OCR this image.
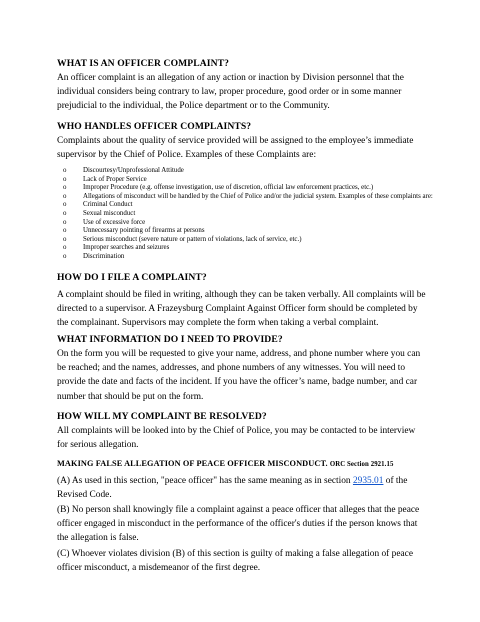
WHAT IS AN OFFICER COMPLAINT?
An officer complaint is an allegation of any action or inaction by Division personnel that the individual considers being contrary to law, proper procedure, good order or in some manner prejudicial to the individual, the Police department or to the Community.
WHO HANDLES OFFICER COMPLAINTS?
Complaints about the quality of service provided will be assigned to the employee’s immediate supervisor by the Chief of Police. Examples of these Complaints are:
o Discourtesy/Unprofessional Attitude
o Lack of Proper Service
o Improper Procedure (e.g. offense investigation, use of discretion, official law enforcement practices, etc.)
o Allegations of misconduct will be handled by the Chief of Police and/or the judicial system. Examples of these complaints are:
o Criminal Conduct
o Sexual misconduct
o Use of excessive force
o Unnecessary pointing of firearms at persons
o Serious misconduct (severe nature or pattern of violations, lack of service, etc.)
o Improper searches and seizures
o Discrimination
HOW DO I FILE A COMPLAINT?
A complaint should be filed in writing, although they can be taken verbally. All complaints will be directed to a supervisor. A Frazeysburg Complaint Against Officer form should be completed by the complainant. Supervisors may complete the form when taking a verbal complaint.
WHAT INFORMATION DO I NEED TO PROVIDE?
On the form you will be requested to give your name, address, and phone number where you can be reached; and the names, addresses, and phone numbers of any witnesses. You will need to provide the date and facts of the incident. If you have the officer’s name, badge number, and car number that should be put on the form.
HOW WILL MY COMPLAINT BE RESOLVED?
All complaints will be looked into by the Chief of Police, you may be contacted to be interview for serious allegation.
MAKING FALSE ALLEGATION OF PEACE OFFICER MISCONDUCT. ORC Section 2921.15
(A) As used in this section, "peace officer" has the same meaning as in section 2935.01 of the Revised Code.
(B) No person shall knowingly file a complaint against a peace officer that alleges that the peace officer engaged in misconduct in the performance of the officer's duties if the person knows that the allegation is false.
(C) Whoever violates division (B) of this section is guilty of making a false allegation of peace officer misconduct, a misdemeanor of the first degree.
